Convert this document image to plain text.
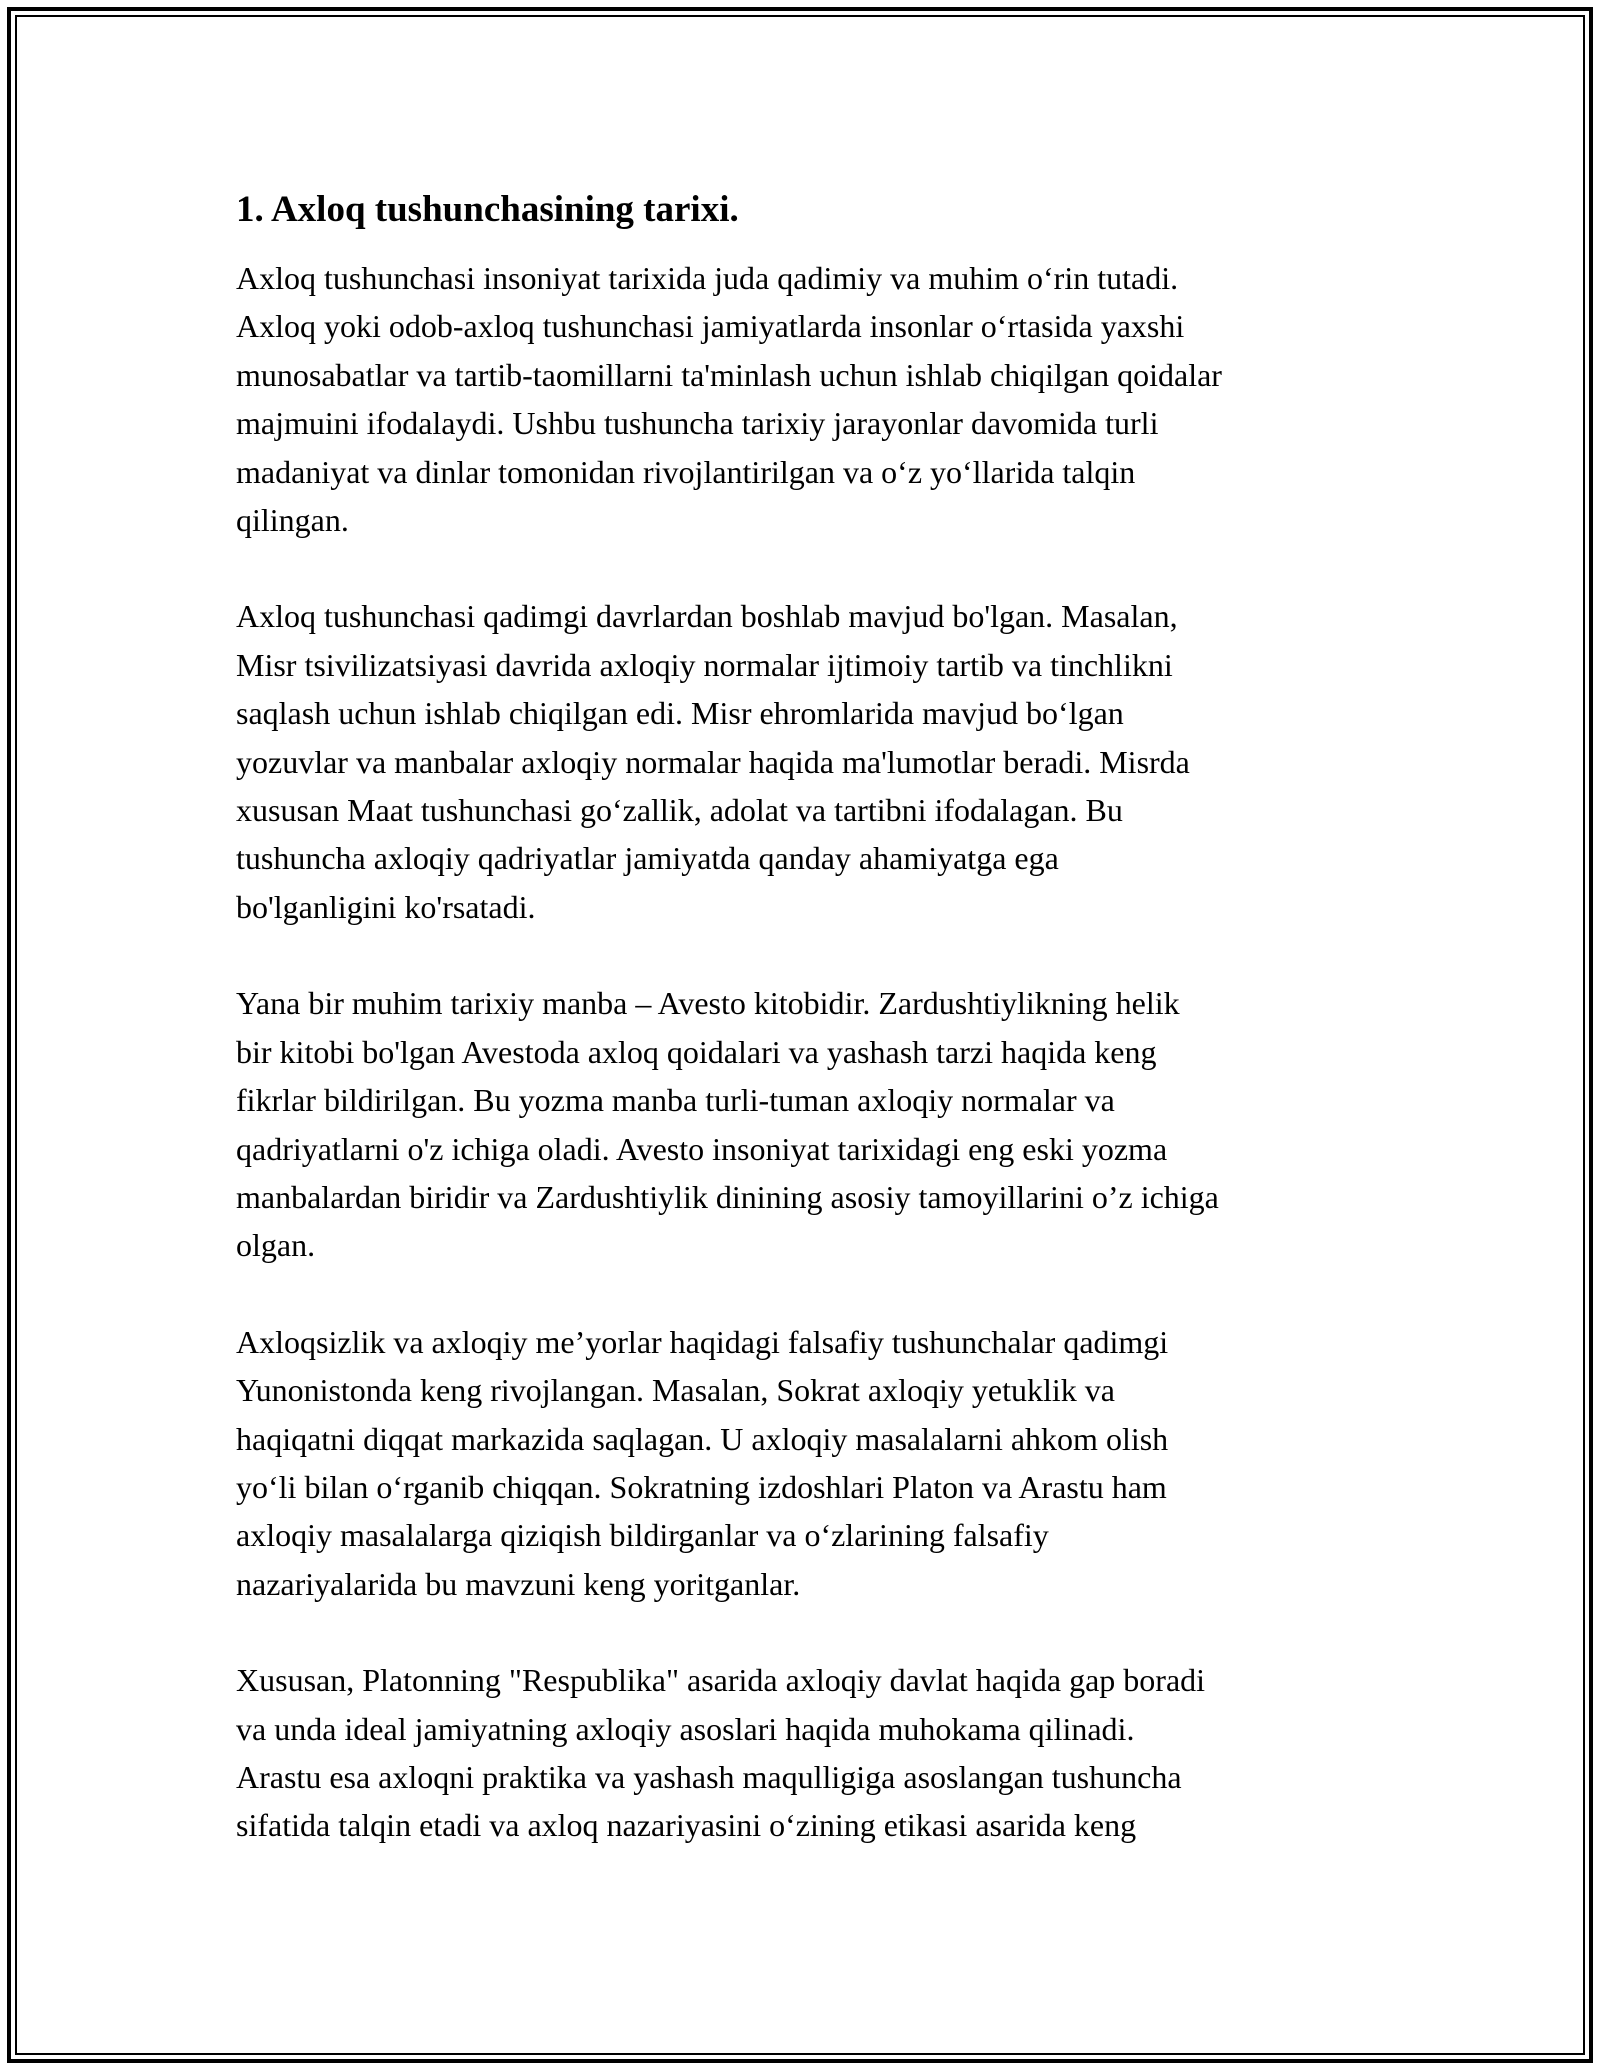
1. Axloq tushunchasining tarixi.

Axloq tushunchasi insoniyat tarixida juda qadimiy va muhim oʻrin tutadi.
Axloq yoki odob-axloq tushunchasi jamiyatlarda insonlar oʻrtasida yaxshi
munosabatlar va tartib-taomillarni ta'minlash uchun ishlab chiqilgan qoidalar
majmuini ifodalaydi. Ushbu tushuncha tarixiy jarayonlar davomida turli
madaniyat va dinlar tomonidan rivojlantirilgan va oʻz yoʻllarida talqin
qilingan.

Axloq tushunchasi qadimgi davrlardan boshlab mavjud bo'lgan. Masalan,
Misr tsivilizatsiyasi davrida axloqiy normalar ijtimoiy tartib va tinchlikni
saqlash uchun ishlab chiqilgan edi. Misr ehromlarida mavjud boʻlgan
yozuvlar va manbalar axloqiy normalar haqida ma'lumotlar beradi. Misrda
xususan Maat tushunchasi goʻzallik, adolat va tartibni ifodalagan. Bu
tushuncha axloqiy qadriyatlar jamiyatda qanday ahamiyatga ega
bo'lganligini ko'rsatadi.

Yana bir muhim tarixiy manba – Avesto kitobidir. Zardushtiylikning helik
bir kitobi bo'lgan Avestoda axloq qoidalari va yashash tarzi haqida keng
fikrlar bildirilgan. Bu yozma manba turli-tuman axloqiy normalar va
qadriyatlarni o'z ichiga oladi. Avesto insoniyat tarixidagi eng eski yozma
manbalardan biridir va Zardushtiylik dinining asosiy tamoyillarini o’z ichiga
olgan.

Axloqsizlik va axloqiy me’yorlar haqidagi falsafiy tushunchalar qadimgi
Yunonistonda keng rivojlangan. Masalan, Sokrat axloqiy yetuklik va
haqiqatni diqqat markazida saqlagan. U axloqiy masalalarni ahkom olish
yoʻli bilan oʻrganib chiqqan. Sokratning izdoshlari Platon va Arastu ham
axloqiy masalalarga qiziqish bildirganlar va oʻzlarining falsafiy
nazariyalarida bu mavzuni keng yoritganlar.

Xususan, Platonning "Respublika" asarida axloqiy davlat haqida gap boradi
va unda ideal jamiyatning axloqiy asoslari haqida muhokama qilinadi.
Arastu esa axloqni praktika va yashash maqulligiga asoslangan tushuncha
sifatida talqin etadi va axloq nazariyasini oʻzining etikasi asarida keng
